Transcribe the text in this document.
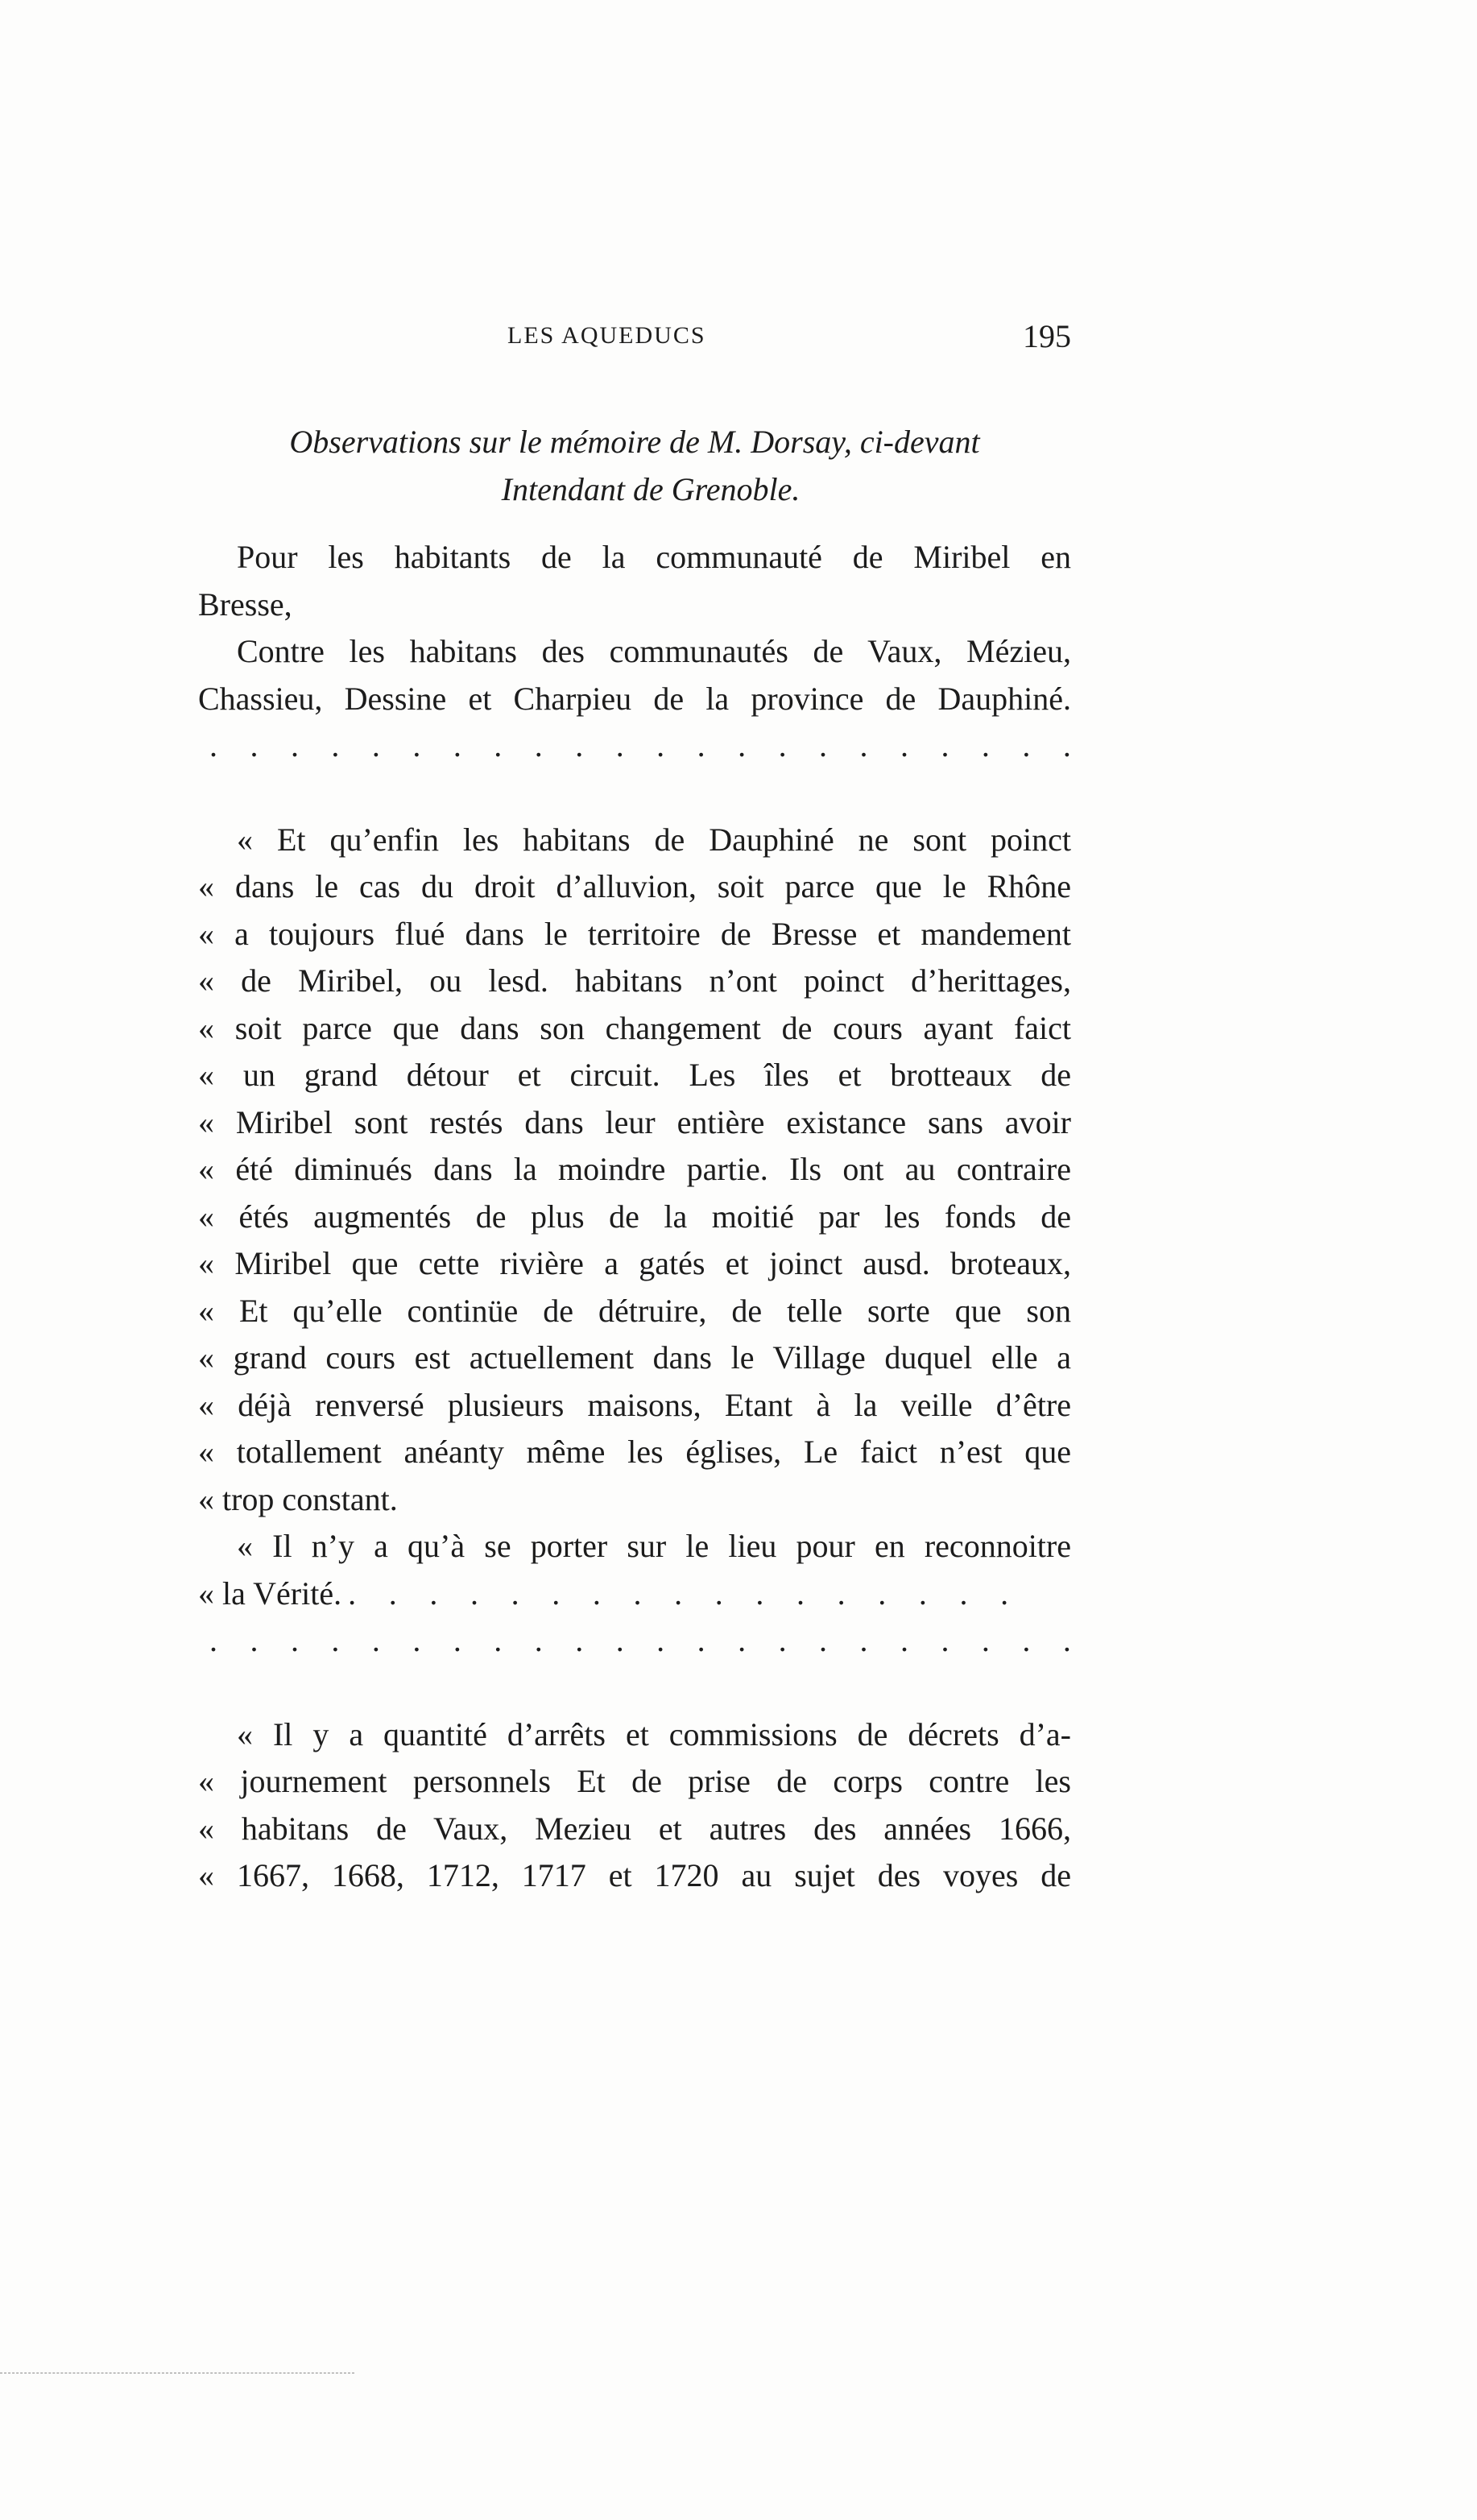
LES AQUEDUCS	195
Observations sur le mémoire de M. Dorsay, ci-devant
Intendant de Grenoble.
Pour les habitants de la communauté de Miribel en
Bresse,
Contre les habitans des communautés de Vaux, Mézieu,
Chassieu, Dessine et Charpieu de la province de Dauphiné.
. . . . . . . . . . . . . . . . . . . . . .
« Et qu’enfin les habitans de Dauphiné ne sont poinct
« dans le cas du droit d’alluvion, soit parce que le Rhône
« a toujours flué dans le territoire de Bresse et mandement
« de Miribel, ou lesd. habitans n’ont poinct d’herittages,
« soit parce que dans son changement de cours ayant faict
« un grand détour et circuit. Les îles et brotteaux de
« Miribel sont restés dans leur entière existance sans avoir
« été diminués dans la moindre partie. Ils ont au contraire
« étés augmentés de plus de la moitié par les fonds de
« Miribel que cette rivière a gatés et joinct ausd. broteaux,
« Et qu’elle continüe de détruire, de telle sorte que son
« grand cours est actuellement dans le Village duquel elle a
« déjà renversé plusieurs maisons, Etant à la veille d’être
« totallement anéanty même les églises, Le faict n’est que
« trop constant.
« Il n’y a qu’à se porter sur le lieu pour en reconnoitre
« la Vérité. . . . . . . . . . . . . . . . . .
. . . . . . . . . . . . . . . . . . . . . .
« Il y a quantité d’arrêts et commissions de décrets d’a-
« journement personnels Et de prise de corps contre les
« habitans de Vaux, Mezieu et autres des années 1666,
« 1667, 1668, 1712, 1717 et 1720 au sujet des voyes de
